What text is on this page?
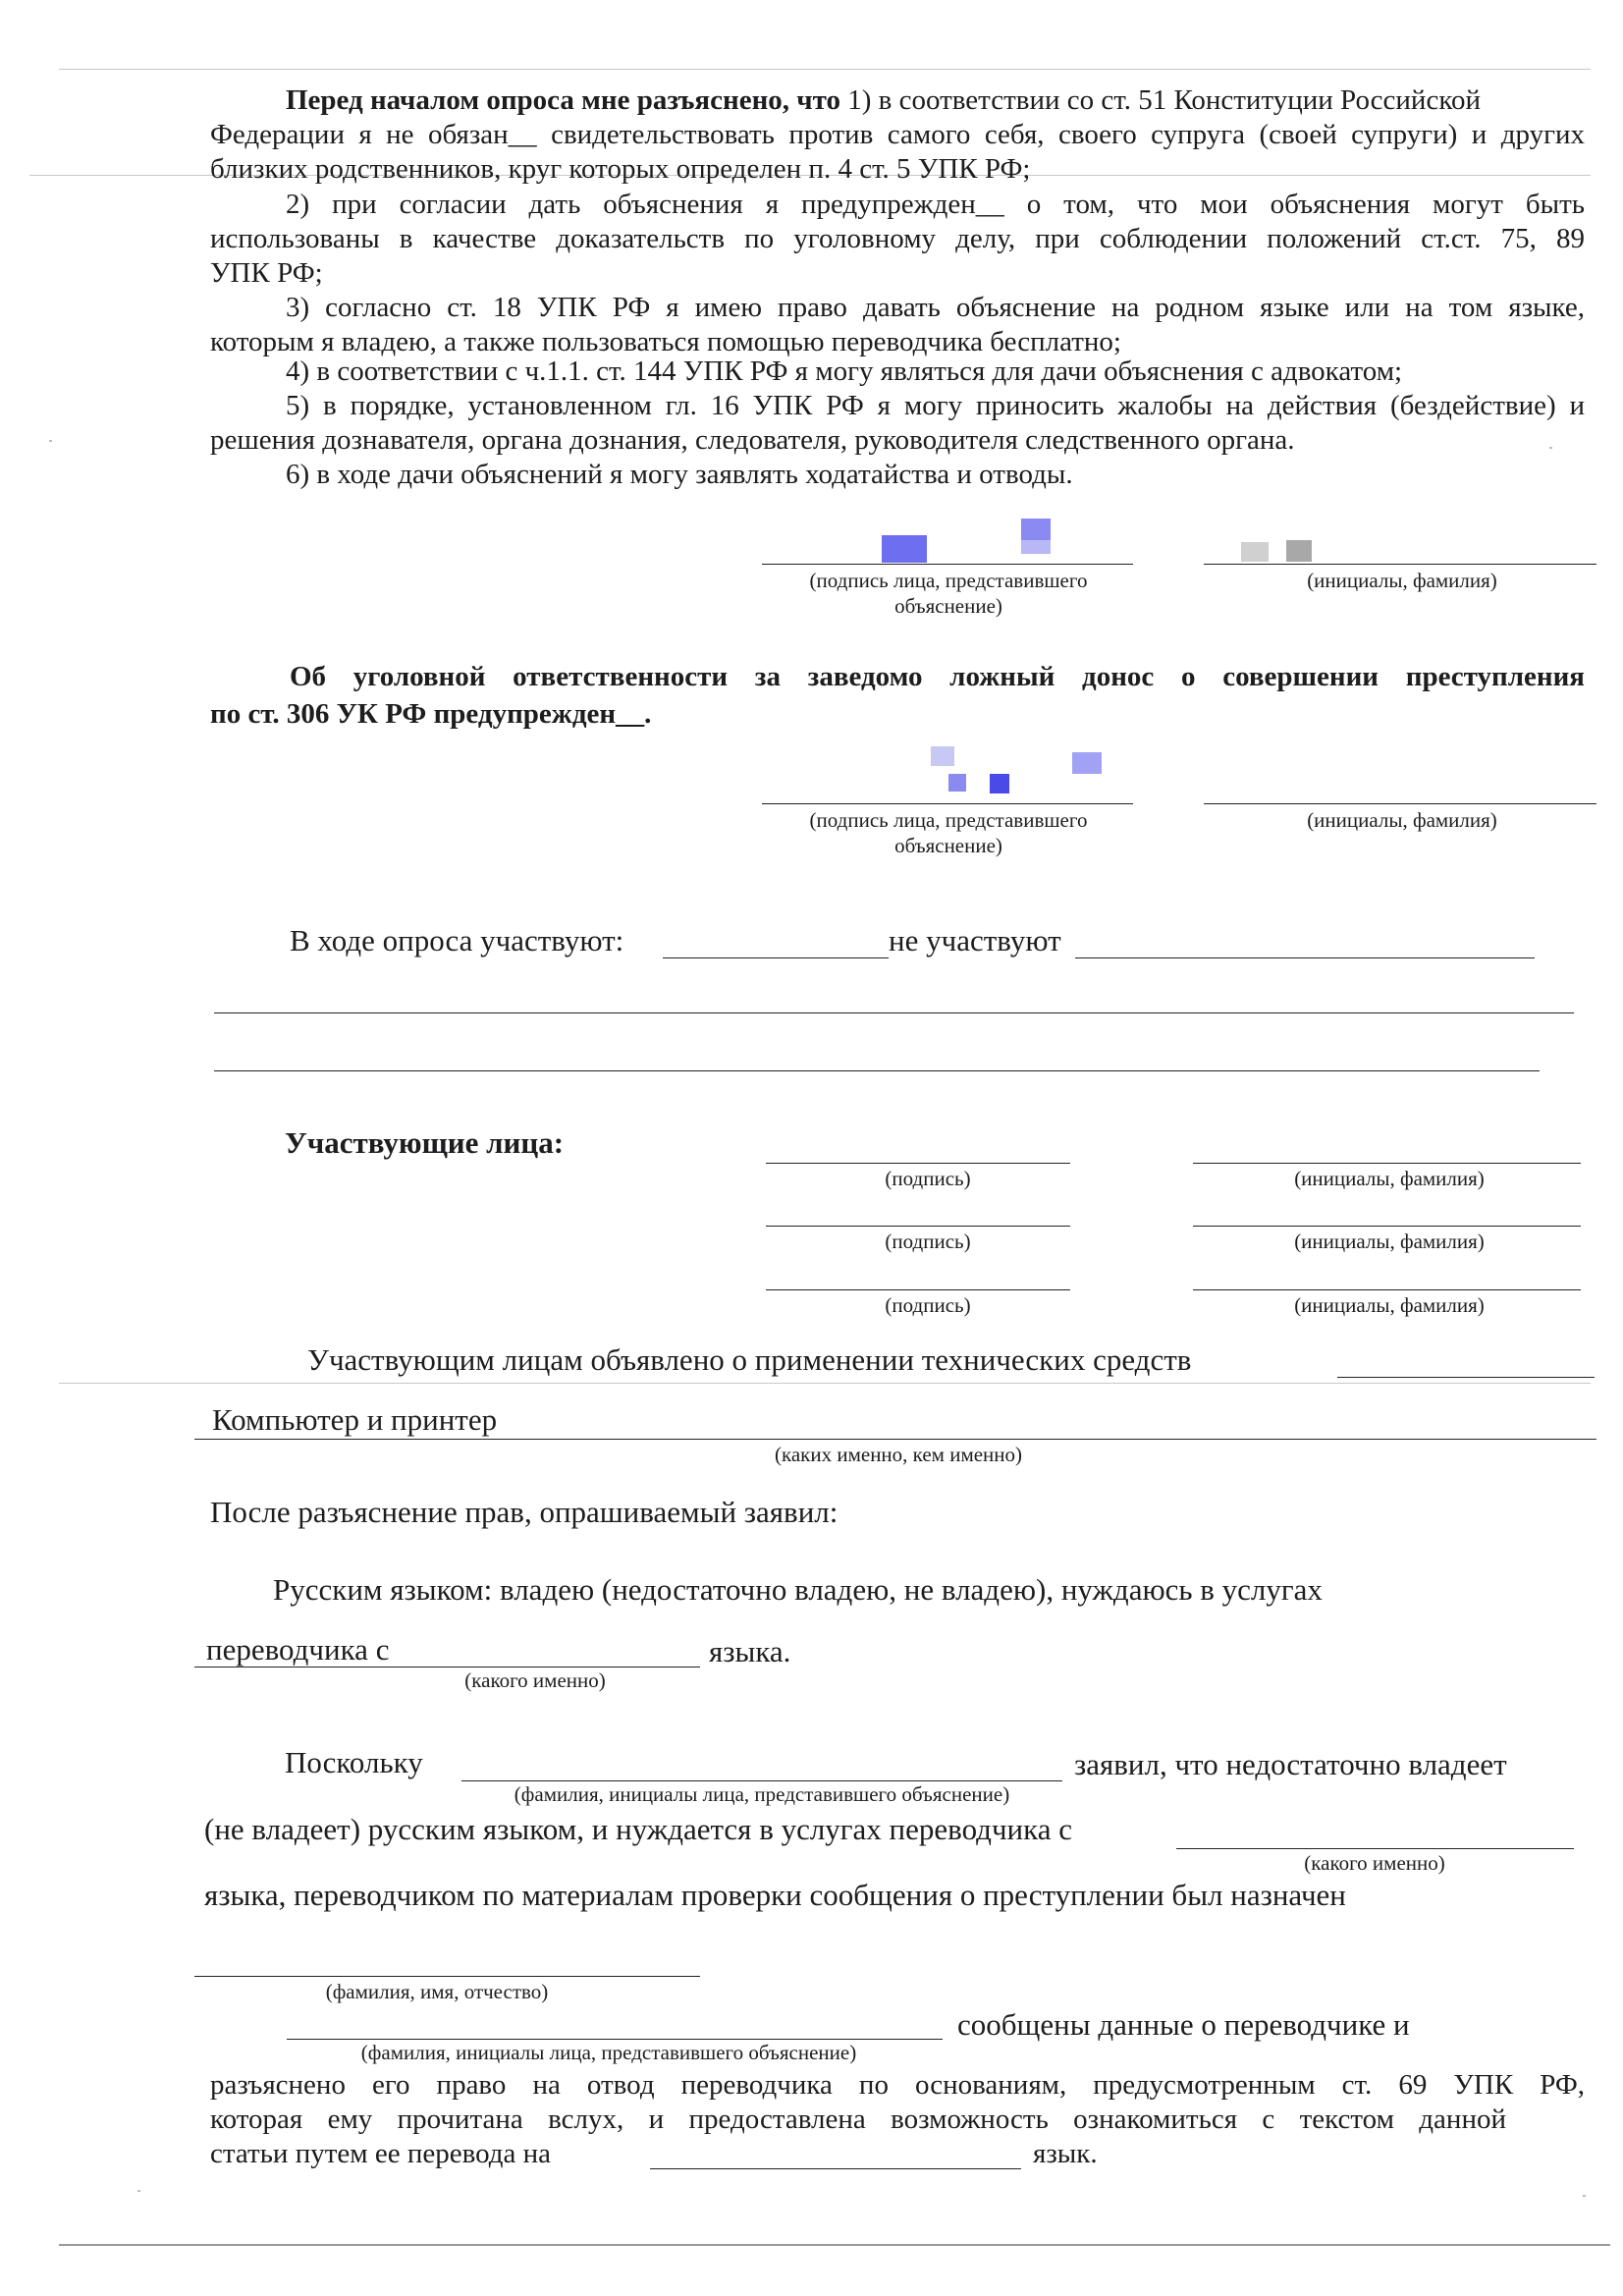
Перед началом опроса мне разъяснено, что 1) в соответствии со ст. 51 Конституции Российской
Федерации я не обязан__ свидетельствовать против самого себя, своего супруга (своей супруги) и других
близких родственников, круг которых определен п. 4 ст. 5 УПК РФ;
2) при согласии дать объяснения я предупрежден__ о том, что мои объяснения могут быть
использованы в качестве доказательств по уголовному делу, при соблюдении положений ст.ст. 75, 89
УПК РФ;
3) согласно ст. 18 УПК РФ я имею право давать объяснение на родном языке или на том языке,
которым я владею, а также пользоваться помощью переводчика бесплатно;
4) в соответствии с ч.1.1. ст. 144 УПК РФ я могу являться для дачи объяснения с адвокатом;
5) в порядке, установленном гл. 16 УПК РФ я могу приносить жалобы на действия (бездействие) и
решения дознавателя, органа дознания, следователя, руководителя следственного органа.
6) в ходе дачи объяснений я могу заявлять ходатайства и отводы.
(подпись лица, представившего объяснение)
(инициалы, фамилия)
Об уголовной ответственности за заведомо ложный донос о совершении преступления
по ст. 306 УК РФ предупрежден__.
(подпись лица, представившего объяснение)
(инициалы, фамилия)
В ходе опроса участвуют:	не участвуют
Участвующие лица:
(подпись)	(инициалы, фамилия)
(подпись)	(инициалы, фамилия)
(подпись)	(инициалы, фамилия)
Участвующим лицам объявлено о применении технических средств
Компьютер и принтер
(каких именно, кем именно)
После разъяснение прав, опрашиваемый заявил:
Русским языком: владею (недостаточно владею, не владею), нуждаюсь в услугах
переводчика с	языка.
(какого именно)
Поскольку	заявил, что недостаточно владеет
(фамилия, инициалы лица, представившего объяснение)
(не владеет) русским языком, и нуждается в услугах переводчика с
(какого именно)
языка, переводчиком по материалам проверки сообщения о преступлении был назначен
(фамилия, имя, отчество)
сообщены данные о переводчике и
(фамилия, инициалы лица, представившего объяснение)
разъяснено его право на отвод переводчика по основаниям, предусмотренным ст. 69 УПК РФ,
которая ему прочитана вслух, и предоставлена возможность ознакомиться с текстом данной
статьи путем ее перевода на	язык.
